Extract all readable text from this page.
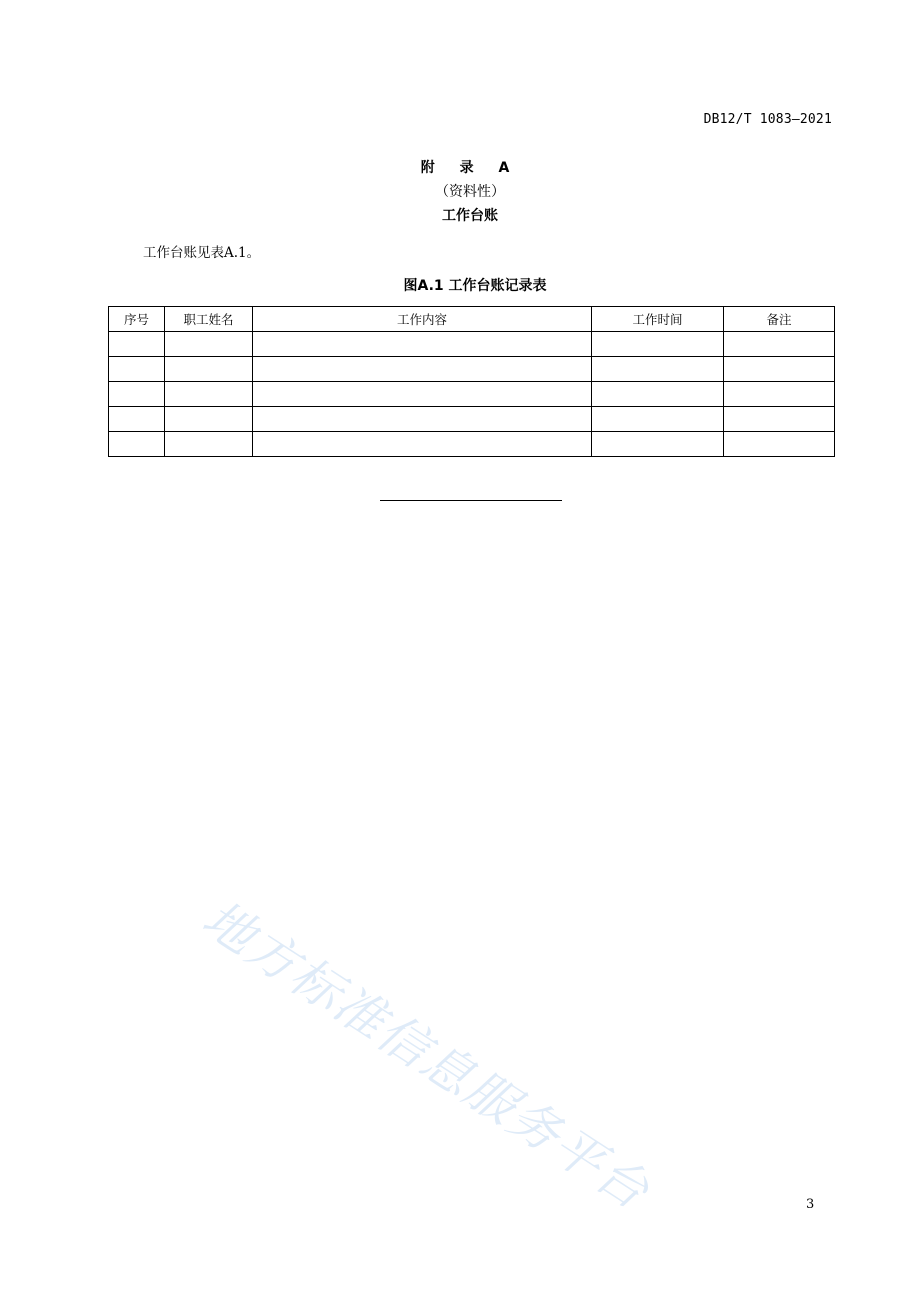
DB12/T 1083—2021
附 录 A
（资料性）
工作台账
工作台账见表A.1。
图A.1 工作台账记录表
序号	职工姓名	工作内容	工作时间	备注

地方标准信息服务平台	3
